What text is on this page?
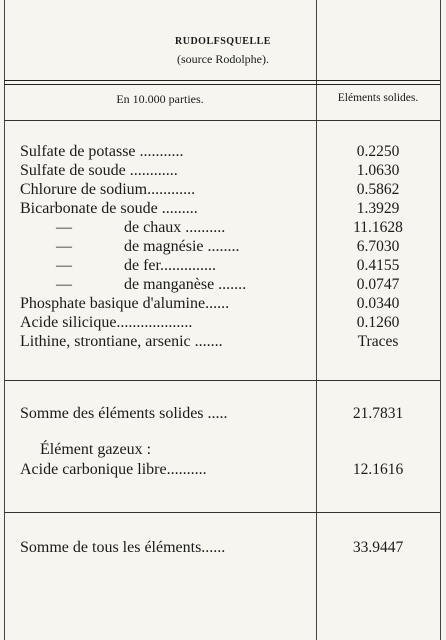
RUDOLFSQUELLE
(source Rodolphe).
En 10.000 parties.	Eléments solides.
Sulfate de potasse ...........	0.2250
Sulfate de soude ............	1.0630
Chlorure de sodium............	0.5862
Bicarbonate de soude .........	1.3929
—	de chaux ..........	11.1628
—	de magnésie ........	6.7030
—	de fer..............	0.4155
—	de manganèse .......	0.0747
Phosphate basique d'alumine......	0.0340
Acide silicique...................	0.1260
Lithine, strontiane, arsenic .......	Traces
Somme des éléments solides .....	21.7831
Élément gazeux :
Acide carbonique libre..........	12.1616
Somme de tous les éléments......	33.9447
